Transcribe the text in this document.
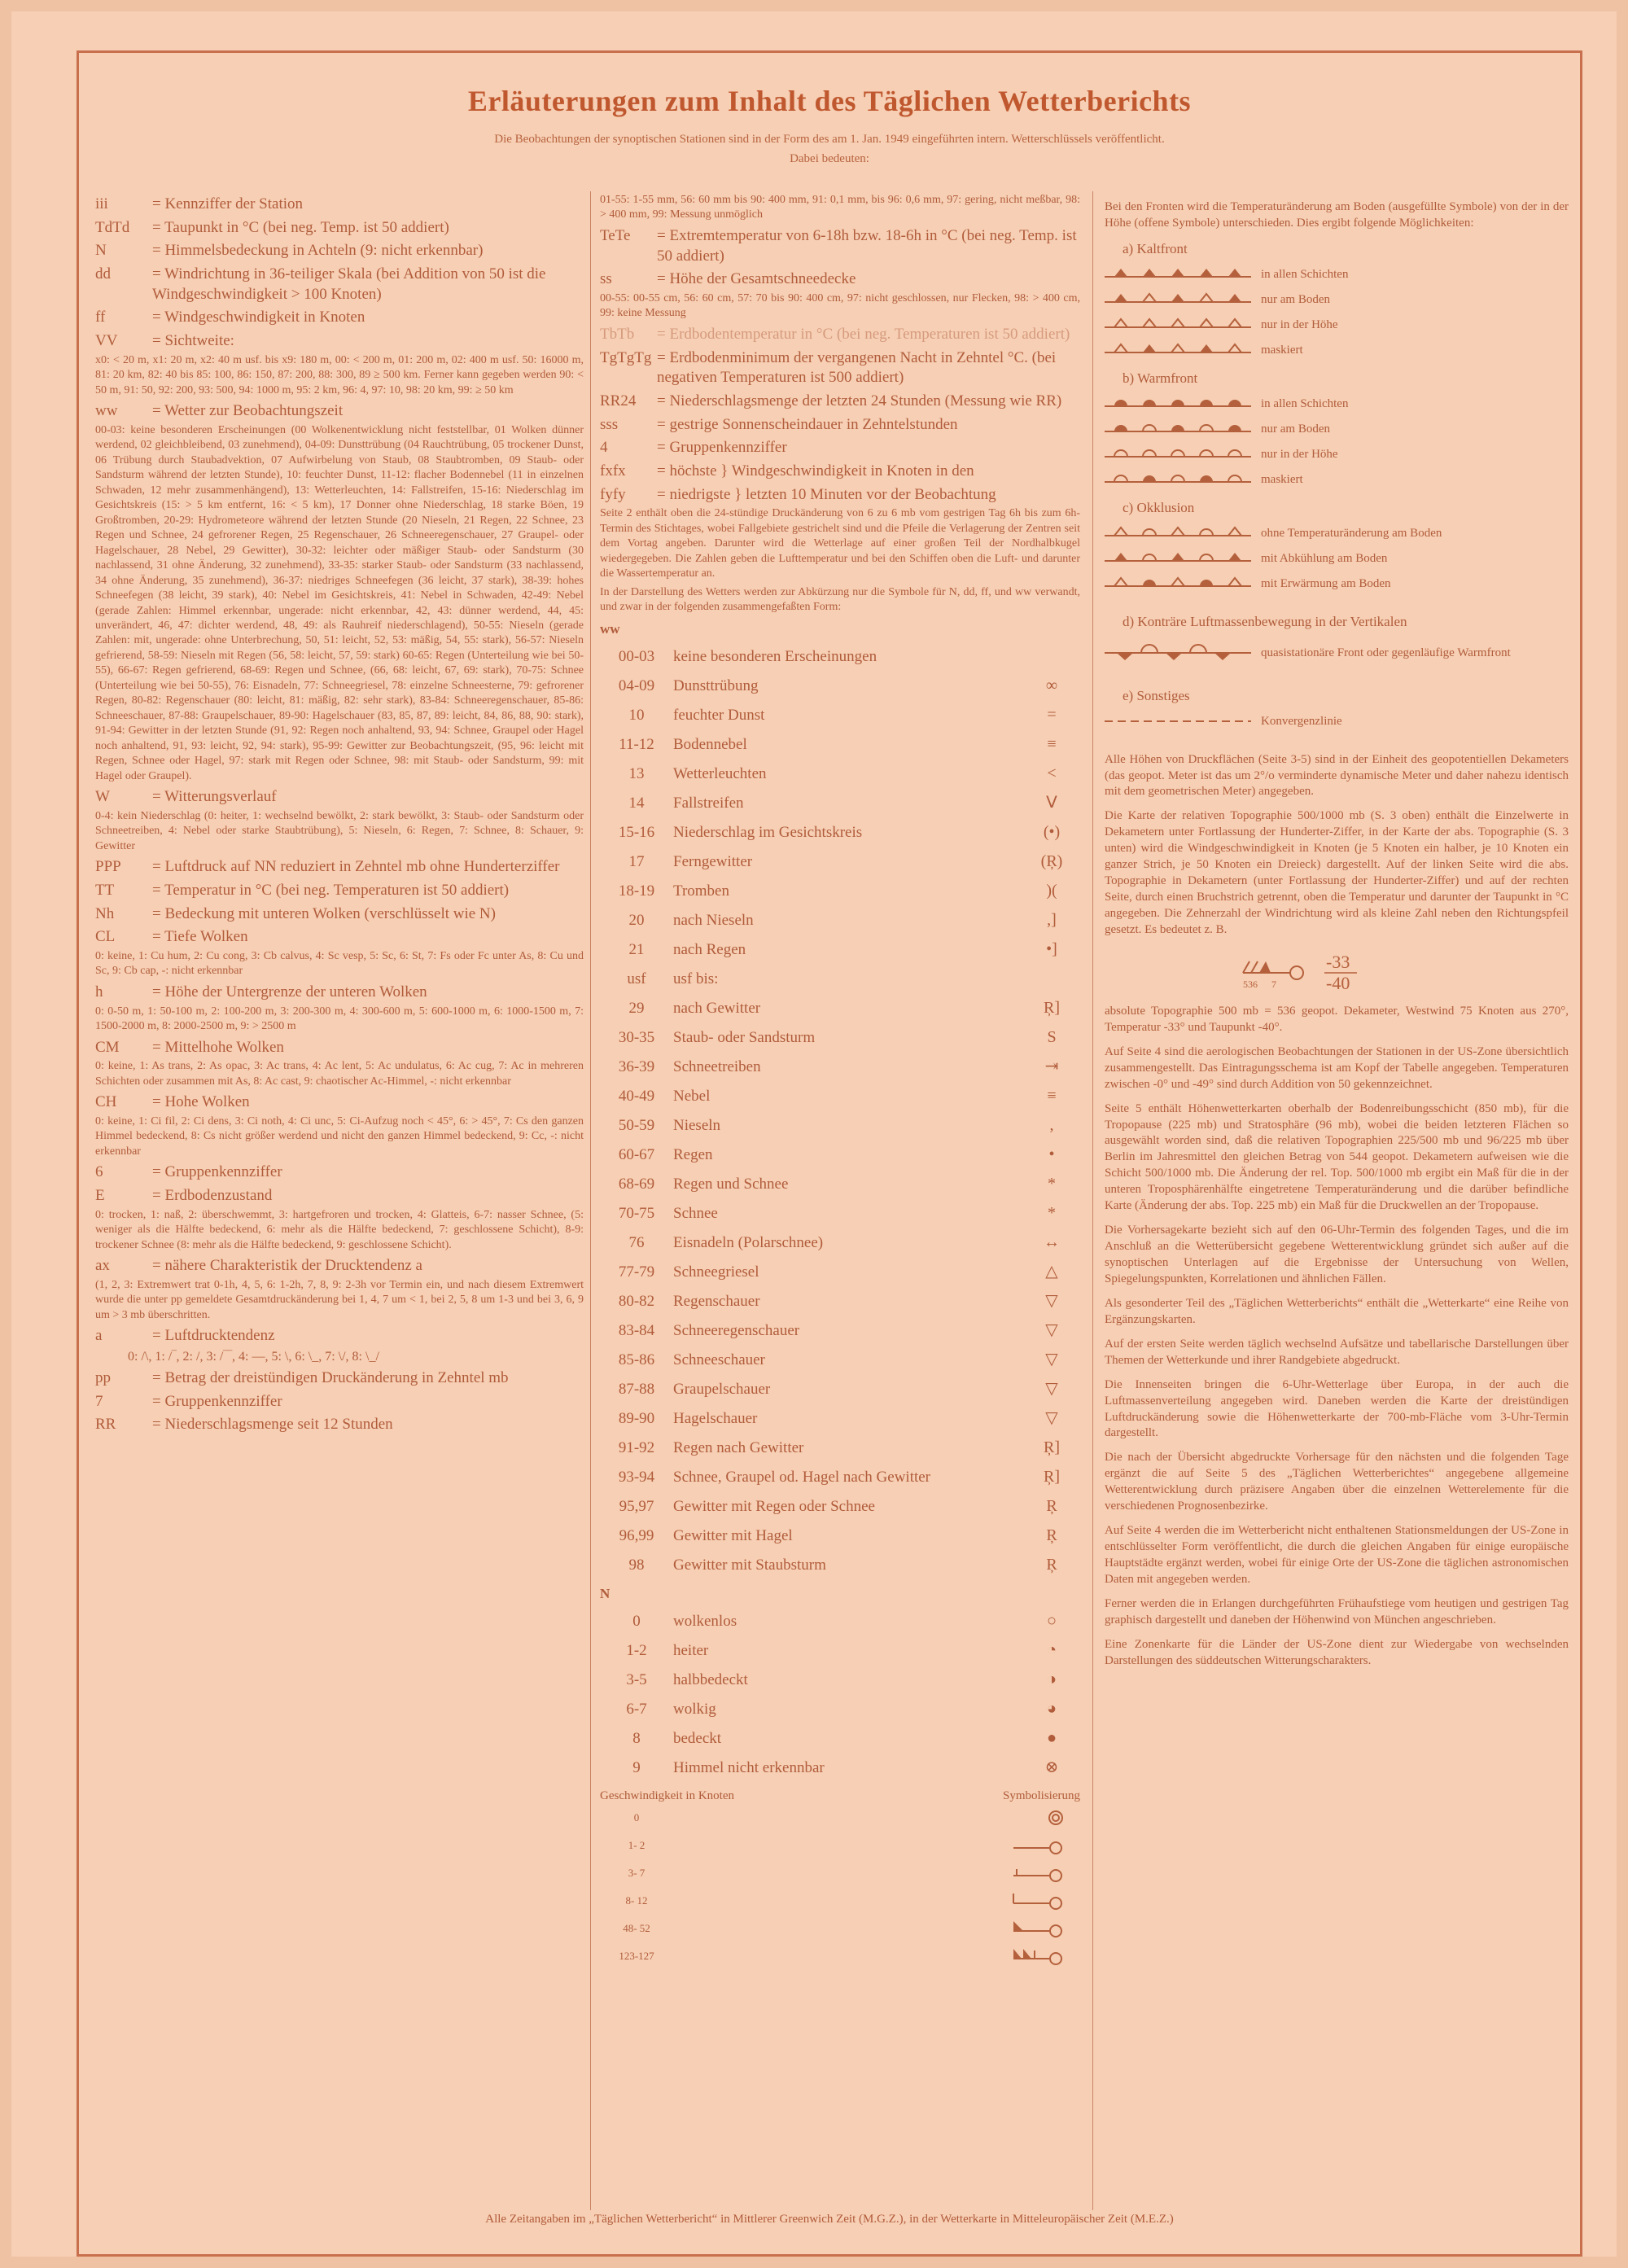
Erläuterungen zum Inhalt des Täglichen Wetterberichts
Die Beobachtungen der synoptischen Stationen sind in der Form des am 1. Jan. 1949 eingeführten intern. Wetterschlüssels veröffentlicht.
Dabei bedeuten:
iii	= Kennziffer der Station
TdTd	= Taupunkt in °C (bei neg. Temp. ist 50 addiert)
N	= Himmelsbedeckung in Achteln (9: nicht erkennbar)
dd	= Windrichtung in 36-teiliger Skala (bei Addition von 50 ist die Windgeschwindigkeit > 100 Knoten)
ff	= Windgeschwindigkeit in Knoten
VV	= Sichtweite:
x0: < 20 m, x1: 20 m, x2: 40 m usf. bis x9: 180 m, 00: < 200 m, 01: 200 m, 02: 400 m usf. 50: 16000 m, 81: 20 km, 82: 40 bis 85: 100, 86: 150, 87: 200, 88: 300, 89 ≥ 500 km. Ferner kann gegeben werden 90: < 50 m, 91: 50, 92: 200, 93: 500, 94: 1000 m, 95: 2 km, 96: 4, 97: 10, 98: 20 km, 99: ≥ 50 km
ww	= Wetter zur Beobachtungszeit
00-03: keine besonderen Erscheinungen (00 Wolkenentwicklung nicht feststellbar, 01 Wolken dünner werdend, 02 gleichbleibend, 03 zunehmend), 04-09: Dunsttrübung (04 Rauchtrübung, 05 trockener Dunst, 06 Trübung durch Staubadvektion, 07 Aufwirbelung von Staub, 08 Staubtromben, 09 Staub- oder Sandsturm während der letzten Stunde), 10: feuchter Dunst, 11-12: flacher Bodennebel (11 in einzelnen Schwaden, 12 mehr zusammenhängend), 13: Wetterleuchten, 14: Fallstreifen, 15-16: Niederschlag im Gesichtskreis (15: > 5 km entfernt, 16: < 5 km), 17 Donner ohne Niederschlag, 18 starke Böen, 19 Großtromben, 20-29: Hydrometeore während der letzten Stunde (20 Nieseln, 21 Regen, 22 Schnee, 23 Regen und Schnee, 24 gefrorener Regen, 25 Regenschauer, 26 Schneeregenschauer, 27 Graupel- oder Hagelschauer, 28 Nebel, 29 Gewitter), 30-32: leichter oder mäßiger Staub- oder Sandsturm (30 nachlassend, 31 ohne Änderung, 32 zunehmend), 33-35: starker Staub- oder Sandsturm (33 nachlassend, 34 ohne Änderung, 35 zunehmend), 36-37: niedriges Schneefegen (36 leicht, 37 stark), 38-39: hohes Schneefegen (38 leicht, 39 stark), 40: Nebel im Gesichtskreis, 41: Nebel in Schwaden, 42-49: Nebel (gerade Zahlen: Himmel erkennbar, ungerade: nicht erkennbar, 42, 43: dünner werdend, 44, 45: unverändert, 46, 47: dichter werdend, 48, 49: als Rauhreif niederschlagend), 50-55: Nieseln (gerade Zahlen: mit, ungerade: ohne Unterbrechung, 50, 51: leicht, 52, 53: mäßig, 54, 55: stark), 56-57: Nieseln gefrierend, 58-59: Nieseln mit Regen (56, 58: leicht, 57, 59: stark) 60-65: Regen (Unterteilung wie bei 50-55), 66-67: Regen gefrierend, 68-69: Regen und Schnee, (66, 68: leicht, 67, 69: stark), 70-75: Schnee (Unterteilung wie bei 50-55), 76: Eisnadeln, 77: Schneegriesel, 78: einzelne Schneesterne, 79: gefrorener Regen, 80-82: Regenschauer (80: leicht, 81: mäßig, 82: sehr stark), 83-84: Schneeregenschauer, 85-86: Schneeschauer, 87-88: Graupelschauer, 89-90: Hagelschauer (83, 85, 87, 89: leicht, 84, 86, 88, 90: stark), 91-94: Gewitter in der letzten Stunde (91, 92: Regen noch anhaltend, 93, 94: Schnee, Graupel oder Hagel noch anhaltend, 91, 93: leicht, 92, 94: stark), 95-99: Gewitter zur Beobachtungszeit, (95, 96: leicht mit Regen, Schnee oder Hagel, 97: stark mit Regen oder Schnee, 98: mit Staub- oder Sandsturm, 99: mit Hagel oder Graupel).
W	= Witterungsverlauf
0-4: kein Niederschlag (0: heiter, 1: wechselnd bewölkt, 2: stark bewölkt, 3: Staub- oder Sandsturm oder Schneetreiben, 4: Nebel oder starke Staubtrübung), 5: Nieseln, 6: Regen, 7: Schnee, 8: Schauer, 9: Gewitter
PPP	= Luftdruck auf NN reduziert in Zehntel mb ohne Hunderterziffer
TT	= Temperatur in °C (bei neg. Temperaturen ist 50 addiert)
Nh	= Bedeckung mit unteren Wolken (verschlüsselt wie N)
CL	= Tiefe Wolken
0: keine, 1: Cu hum, 2: Cu cong, 3: Cb calvus, 4: Sc vesp, 5: Sc, 6: St, 7: Fs oder Fc unter As, 8: Cu und Sc, 9: Cb cap, -: nicht erkennbar
h	= Höhe der Untergrenze der unteren Wolken
0: 0-50 m, 1: 50-100 m, 2: 100-200 m, 3: 200-300 m, 4: 300-600 m, 5: 600-1000 m, 6: 1000-1500 m, 7: 1500-2000 m, 8: 2000-2500 m, 9: > 2500 m
CM	= Mittelhohe Wolken
0: keine, 1: As trans, 2: As opac, 3: Ac trans, 4: Ac lent, 5: Ac undulatus, 6: Ac cug, 7: Ac in mehreren Schichten oder zusammen mit As, 8: Ac cast, 9: chaotischer Ac-Himmel, -: nicht erkennbar
CH	= Hohe Wolken
0: keine, 1: Ci fil, 2: Ci dens, 3: Ci noth, 4: Ci unc, 5: Ci-Aufzug noch < 45°, 6: > 45°, 7: Cs den ganzen Himmel bedeckend, 8: Cs nicht größer werdend und nicht den ganzen Himmel bedeckend, 9: Cc, -: nicht erkennbar
6	= Gruppenkennziffer
E	= Erdbodenzustand
0: trocken, 1: naß, 2: überschwemmt, 3: hartgefroren und trocken, 4: Glatteis, 6-7: nasser Schnee, (5: weniger als die Hälfte bedeckend, 6: mehr als die Hälfte bedeckend, 7: geschlossene Schicht), 8-9: trockener Schnee (8: mehr als die Hälfte bedeckend, 9: geschlossene Schicht).
ax	= nähere Charakteristik der Drucktendenz a
(1, 2, 3: Extremwert trat 0-1h, 4, 5, 6: 1-2h, 7, 8, 9: 2-3h vor Termin ein, und nach diesem Extremwert wurde die unter pp gemeldete Gesamtdruckänderung bei 1, 4, 7 um < 1, bei 2, 5, 8 um 1-3 und bei 3, 6, 9 um > 3 mb überschritten.
a	= Luftdrucktendenz
0: /\, 1: /‾, 2: /, 3: /‾‾, 4: —, 5: \, 6: \_, 7: \/, 8: \_/
pp	= Betrag der dreistündigen Druckänderung in Zehntel mb
7	= Gruppenkennziffer
RR	= Niederschlagsmenge seit 12 Stunden
01-55: 1-55 mm, 56: 60 mm bis 90: 400 mm, 91: 0,1 mm, bis 96: 0,6 mm, 97: gering, nicht meßbar, 98: > 400 mm, 99: Messung unmöglich
TeTe	= Extremtemperatur von 6-18h bzw. 18-6h in °C (bei neg. Temp. ist 50 addiert)
ss	= Höhe der Gesamtschneedecke
00-55: 00-55 cm, 56: 60 cm, 57: 70 bis 90: 400 cm, 97: nicht geschlossen, nur Flecken, 98: > 400 cm, 99: keine Messung
TbTb	= Erdbodentemperatur in °C (bei neg. Temperaturen ist 50 addiert)
TgTgTg = Erdbodenminimum der vergangenen Nacht in Zehntel °C. (bei negativen Temperaturen ist 500 addiert)
RR24	= Niederschlagsmenge der letzten 24 Stunden (Messung wie RR)
sss	= gestrige Sonnenscheindauer in Zehntelstunden
4	= Gruppenkennziffer
fxfx	= höchste } Windgeschwindigkeit in Knoten in den
fyfy	= niedrigste } letzten 10 Minuten vor der Beobachtung
Seite 2 enthält oben die 24-stündige Druckänderung von 6 zu 6 mb vom gestrigen Tag 6h bis zum 6h-Termin des Stichtages, wobei Fallgebiete gestrichelt sind und die Pfeile die Verlagerung der Zentren seit dem Vortag angeben. Darunter wird die Wetterlage auf einer großen Teil der Nordhalbkugel wiedergegeben. Die Zahlen geben die Lufttemperatur und bei den Schiffen oben die Luft- und darunter die Wassertemperatur an.
In der Darstellung des Wetters werden zur Abkürzung nur die Symbole für N, dd, ff, und ww verwandt, und zwar in der folgenden zusammengefaßten Form:
ww
00-03	keine besonderen Erscheinungen
04-09	Dunsttrübung	∞
10	feuchter Dunst	=
11-12	Bodennebel	≡
13	Wetterleuchten	<
14	Fallstreifen	ᐯ
15-16	Niederschlag im Gesichtskreis	(•)
17	Ferngewitter	(Ŗ)
18-19	Tromben	)(
20	nach Nieseln	,]
21	nach Regen	•]
usf	usf bis:
29	nach Gewitter	Ŗ]
30-35	Staub- oder Sandsturm	S
36-39	Schneetreiben	⇥
40-49	Nebel	≡
50-59	Nieseln	,
60-67	Regen	•
68-69	Regen und Schnee	*
70-75	Schnee	*
76	Eisnadeln (Polarschnee)	↔
77-79	Schneegriesel	△
80-82	Regenschauer	▽
83-84	Schneeregenschauer	▽
85-86	Schneeschauer	▽
87-88	Graupelschauer	▽
89-90	Hagelschauer	▽
91-92	Regen nach Gewitter	Ŗ]
93-94	Schnee, Graupel od. Hagel nach Gewitter	Ŗ]
95,97	Gewitter mit Regen oder Schnee	Ŗ
96,99	Gewitter mit Hagel	Ŗ
98	Gewitter mit Staubsturm	Ŗ
N
0	wolkenlos	○
1-2	heiter	◔
3-5	halbbedeckt	◑
6-7	wolkig	◕
8	bedeckt	●
9	Himmel nicht erkennbar	⊗
Geschwindigkeit in Knoten	Symbolisierung
0
1- 2
3- 7
8- 12
48- 52
123-127
Bei den Fronten wird die Temperaturänderung am Boden (ausgefüllte Symbole) von der in der Höhe (offene Symbole) unterschieden. Dies ergibt folgende Möglichkeiten:
a) Kaltfront
in allen Schichten
nur am Boden
nur in der Höhe
maskiert
b) Warmfront
in allen Schichten
nur am Boden
nur in der Höhe
maskiert
c) Okklusion
ohne Temperaturänderung am Boden
mit Abkühlung am Boden
mit Erwärmung am Boden
d) Konträre Luftmassenbewegung in der Vertikalen
quasistationäre Front oder gegenläufige Warmfront
e) Sonstiges
Konvergenzlinie
Alle Höhen von Druckflächen (Seite 3-5) sind in der Einheit des geopotentiellen Dekameters (das geopot. Meter ist das um 2°/o verminderte dynamische Meter und daher nahezu identisch mit dem geometrischen Meter) angegeben.
Die Karte der relativen Topographie 500/1000 mb (S. 3 oben) enthält die Einzelwerte in Dekametern unter Fortlassung der Hunderter-Ziffer, in der Karte der abs. Topographie (S. 3 unten) wird die Windgeschwindigkeit in Knoten (je 5 Knoten ein halber, je 10 Knoten ein ganzer Strich, je 50 Knoten ein Dreieck) dargestellt. Auf der linken Seite wird die abs. Topographie in Dekametern (unter Fortlassung der Hunderter-Ziffer) und auf der rechten Seite, durch einen Bruchstrich getrennt, oben die Temperatur und darunter der Taupunkt in °C angegeben. Die Zehnerzahl der Windrichtung wird als kleine Zahl neben den Richtungspfeil gesetzt. Es bedeutet z. B.
7
536
-33
-40
absolute Topographie 500 mb = 536 geopot. Dekameter, Westwind 75 Knoten aus 270°, Temperatur -33° und Taupunkt -40°.
Auf Seite 4 sind die aerologischen Beobachtungen der Stationen in der US-Zone übersichtlich zusammengestellt. Das Eintragungsschema ist am Kopf der Tabelle angegeben. Temperaturen zwischen -0° und -49° sind durch Addition von 50 gekennzeichnet.
Seite 5 enthält Höhenwetterkarten oberhalb der Bodenreibungsschicht (850 mb), für die Tropopause (225 mb) und Stratosphäre (96 mb), wobei die beiden letzteren Flächen so ausgewählt worden sind, daß die relativen Topographien 225/500 mb und 96/225 mb über Berlin im Jahresmittel den gleichen Betrag von 544 geopot. Dekametern aufweisen wie die Schicht 500/1000 mb. Die Änderung der rel. Top. 500/1000 mb ergibt ein Maß für die in der unteren Troposphärenhälfte eingetretene Temperaturänderung und die darüber befindliche Karte (Änderung der abs. Top. 225 mb) ein Maß für die Druckwellen an der Tropopause.
Die Vorhersagekarte bezieht sich auf den 06-Uhr-Termin des folgenden Tages, und die im Anschluß an die Wetterübersicht gegebene Wetterentwicklung gründet sich außer auf die synoptischen Unterlagen auf die Ergebnisse der Untersuchung von Wellen, Spiegelungspunkten, Korrelationen und ähnlichen Fällen.
Als gesonderter Teil des „Täglichen Wetterberichts“ enthält die „Wetterkarte“ eine Reihe von Ergänzungskarten.
Auf der ersten Seite werden täglich wechselnd Aufsätze und tabellarische Darstellungen über Themen der Wetterkunde und ihrer Randgebiete abgedruckt.
Die Innenseiten bringen die 6-Uhr-Wetterlage über Europa, in der auch die Luftmassenverteilung angegeben wird. Daneben werden die Karte der dreistündigen Luftdruckänderung sowie die Höhenwetterkarte der 700-mb-Fläche vom 3-Uhr-Termin dargestellt.
Die nach der Übersicht abgedruckte Vorhersage für den nächsten und die folgenden Tage ergänzt die auf Seite 5 des „Täglichen Wetterberichtes“ angegebene allgemeine Wetterentwicklung durch präzisere Angaben über die einzelnen Wetterelemente für die verschiedenen Prognosenbezirke.
Auf Seite 4 werden die im Wetterbericht nicht enthaltenen Stationsmeldungen der US-Zone in entschlüsselter Form veröffentlicht, die durch die gleichen Angaben für einige europäische Hauptstädte ergänzt werden, wobei für einige Orte der US-Zone die täglichen astronomischen Daten mit angegeben werden.
Ferner werden die in Erlangen durchgeführten Frühaufstiege vom heutigen und gestrigen Tag graphisch dargestellt und daneben der Höhenwind von München angeschrieben.
Eine Zonenkarte für die Länder der US-Zone dient zur Wiedergabe von wechselnden Darstellungen des süddeutschen Witterungscharakters.
Alle Zeitangaben im „Täglichen Wetterbericht“ in Mittlerer Greenwich Zeit (M.G.Z.), in der Wetterkarte in Mitteleuropäischer Zeit (M.E.Z.)
